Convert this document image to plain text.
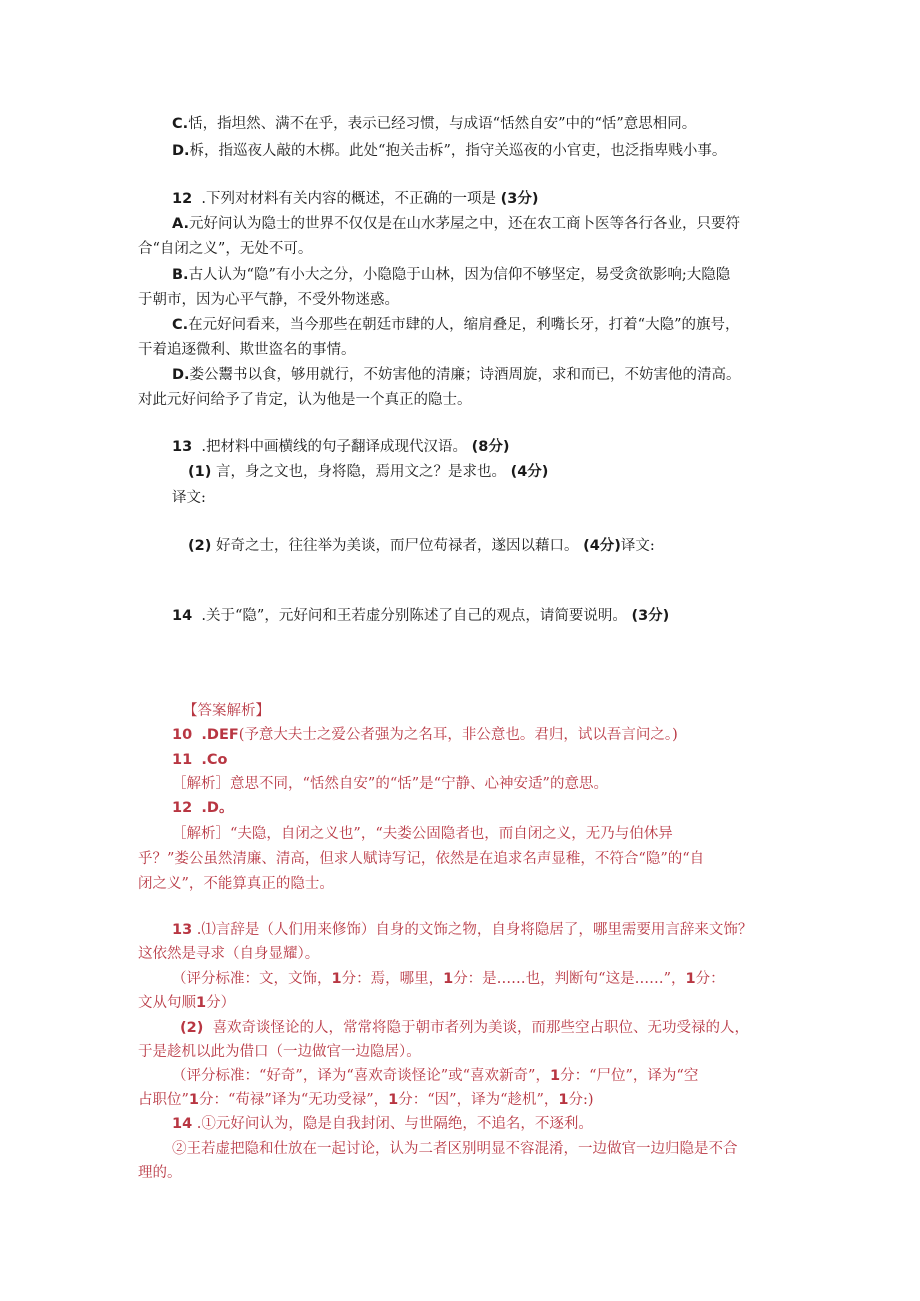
C.恬，指坦然、满不在乎，表示已经习惯，与成语“恬然自安”中的“恬”意思相同。
D.柝，指巡夜人敲的木梆。此处“抱关击柝”，指守关巡夜的小官吏，也泛指卑贱小事。
12 .下列对材料有关内容的概述，不正确的一项是 (3分)
A.元好问认为隐士的世界不仅仅是在山水茅屋之中，还在农工商卜医等各行各业，只要符
合“自闭之义”，无处不可。
B.古人认为“隐”有小大之分，小隐隐于山林，因为信仰不够坚定，易受贪欲影响;大隐隐
于朝市，因为心平气静，不受外物迷惑。
C.在元好问看来，当今那些在朝廷市肆的人，缩肩叠足，利嘴长牙，打着“大隐”的旗号，
干着追逐微利、欺世盗名的事情。
D.娄公鬻书以食，够用就行，不妨害他的清廉；诗酒周旋，求和而已，不妨害他的清高。
对此元好问给予了肯定，认为他是一个真正的隐士。
13 .把材料中画横线的句子翻译成现代汉语。 (8分)
(1) 言，身之文也，身将隐，焉用文之？是求也。 (4分)
译文:
(2) 好奇之士，往往举为美谈，而尸位苟禄者，遂因以藉口。 (4分)译文:
14 .关于“隐”，元好问和王若虚分别陈述了自己的观点，请简要说明。 (3分)
【答案解析】
10 .DEF(予意大夫士之爱公者强为之名耳，非公意也。君归，试以吾言问之。)
11 .Co
［解析］意思不同，“恬然自安”的“恬”是“宁静、心神安适”的意思。
12 .D。
［解析］“夫隐，自闭之义也”，“夫娄公固隐者也，而自闭之义，无乃与伯休异
乎？”娄公虽然清廉、清高，但求人赋诗写记，依然是在追求名声显稚，不符合“隐”的“自
闭之义”，不能算真正的隐士。
13 .⑴言辞是（人们用来修饰）自身的文饰之物，自身将隐居了，哪里需要用言辞来文饰？
这依然是寻求（自身显耀）。
（评分标准：文，文饰，1分：焉，哪里，1分：是……也，判断句“这是……”，1分：
文从句顺1分）
(2) 喜欢奇谈怪论的人，常常将隐于朝市者列为美谈，而那些空占职位、无功受禄的人，
于是趁机以此为借口（一边做官一边隐居）。
（评分标准：“好奇”，译为“喜欢奇谈怪论”或“喜欢新奇”，1分：“尸位”，译为“空
占职位”1分：“苟禄”译为“无功受禄”，1分：“因”，译为“趁机”，1分:)
14 .①元好问认为，隐是自我封闭、与世隔绝，不追名，不逐利。
②王若虚把隐和仕放在一起讨论，认为二者区别明显不容混淆，一边做官一边归隐是不合
理的。
